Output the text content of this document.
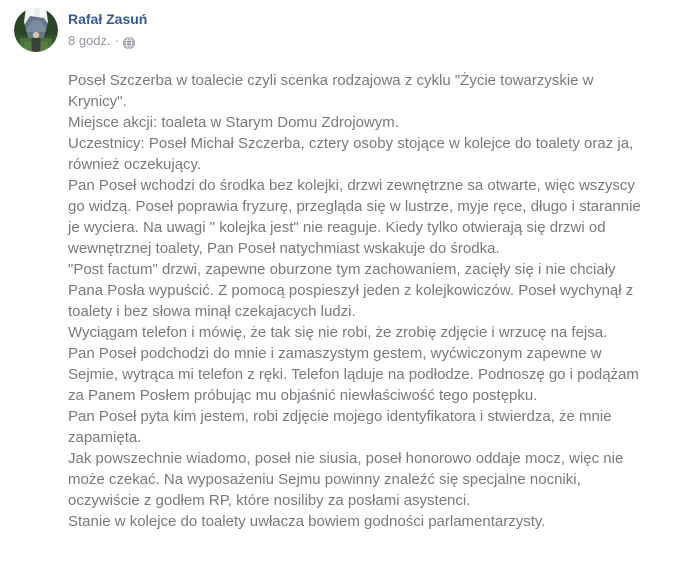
Rafał Zasuń
8 godz. ·

Poseł Szczerba w toalecie czyli scenka rodzajowa z cyklu "Życie towarzyskie w Krynicy".

Miejsce akcji: toaleta w Starym Domu Zdrojowym.

Uczestnicy: Poseł Michał Szczerba, cztery osoby stojące w kolejce do toalety oraz ja, również oczekujący.

Pan Poseł wchodzi do środka bez kolejki, drzwi zewnętrzne sa otwarte, więc wszyscy go widzą. Poseł poprawia fryzurę, przegląda się w lustrze, myje ręce, długo i starannie je wyciera. Na uwagi " kolejka jest" nie reaguje. Kiedy tylko otwierają się drzwi od wewnętrznej toalety, Pan Poseł natychmiast wskakuje do środka.

"Post factum" drzwi, zapewne oburzone tym zachowaniem, zacięły się i nie chciały Pana Posła wypuścić. Z pomocą pospieszył jeden z kolejkowiczów. Poseł wychynął z toalety i bez słowa minął czekajacych ludzi.

Wyciągam telefon i mówię, że tak się nie robi, że zrobię zdjęcie i wrzucę na fejsa.

Pan Poseł podchodzi do mnie i zamaszystym gestem, wyćwiczonym zapewne w Sejmie, wytrąca mi telefon z ręki. Telefon ląduje na podłodze. Podnoszę go i podążam za Panem Posłem próbując mu objaśnić niewłaściwość tego postępku.

Pan Poseł pyta kim jestem, robi zdjęcie mojego identyfikatora i stwierdza, że mnie zapamięta.

Jak powszechnie wiadomo, poseł nie siusia, poseł honorowo oddaje mocz, więc nie może czekać. Na wyposażeniu Sejmu powinny znaleźć się specjalne nocniki, oczywiście z godłem RP, które nosiliby za posłami asystenci.

Stanie w kolejce do toalety uwłacza bowiem godności parlamentarzysty.
